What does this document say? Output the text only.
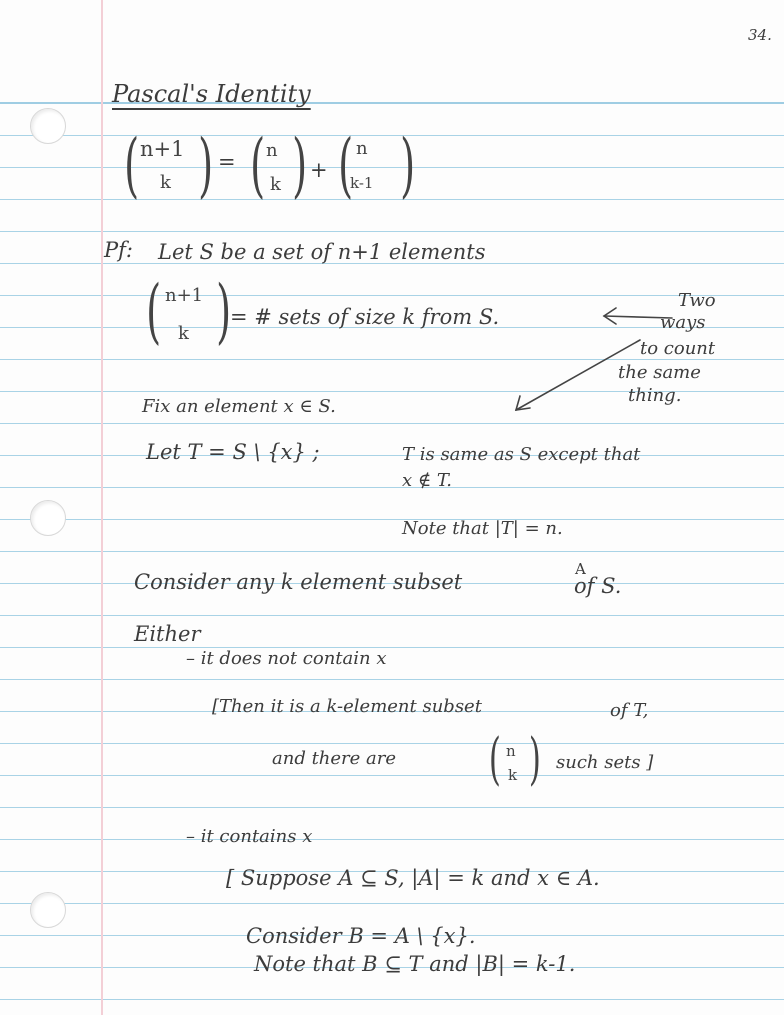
34.
Pascal's Identity
( n+1
k ) = ( n
k ) + ( n
k-1 )
Pf: Let S be a set of n+1 elements
( n+1
k )
= # sets of size k from S.
Two
ways
to count
the same
thing.
Fix an element x ∈ S.
Let T = S \ {x} ;	T is same as S except that
x ∉ T.
Note that |T| = n.
Consider any k element subset
A
of S.
Either
– it does not contain x
[Then it is a k-element subset	of T,
and there are ( n
k ) such sets ]
– it contains x
[ Suppose A ⊆ S, |A| = k and x ∈ A.
Consider B = A \ {x}.
Note that B ⊆ T and |B| = k-1.
